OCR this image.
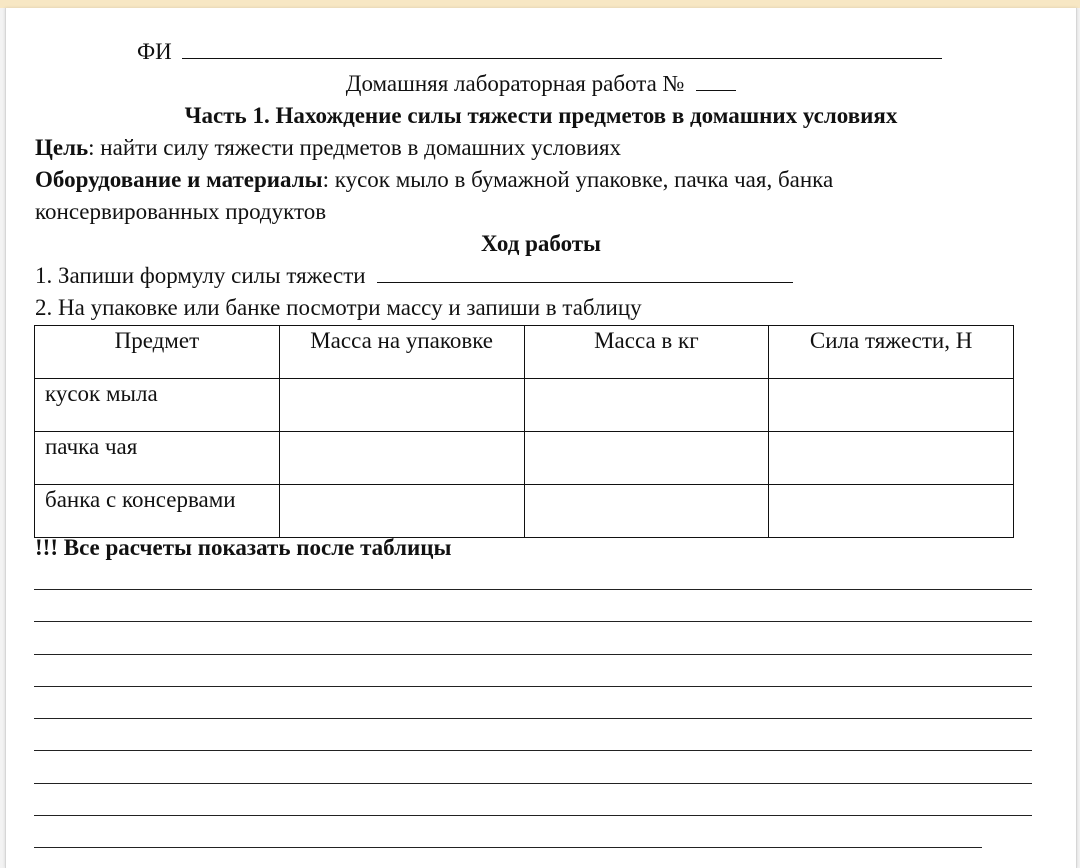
ФИ
Домашняя лабораторная работа №
Часть 1. Нахождение силы тяжести предметов в домашних условиях
Цель: найти силу тяжести предметов в домашних условиях
Оборудование и материалы: кусок мыло в бумажной упаковке, пачка чая, банка
консервированных продуктов
Ход работы
1. Запиши формулу силы тяжести
2. На упаковке или банке посмотри массу и запиши в таблицу
Предмет	Масса на упаковке	Масса в кг	Сила тяжести, Н
кусок мыла			
пачка чая			
банка с консервами			
!!! Все расчеты показать после таблицы
